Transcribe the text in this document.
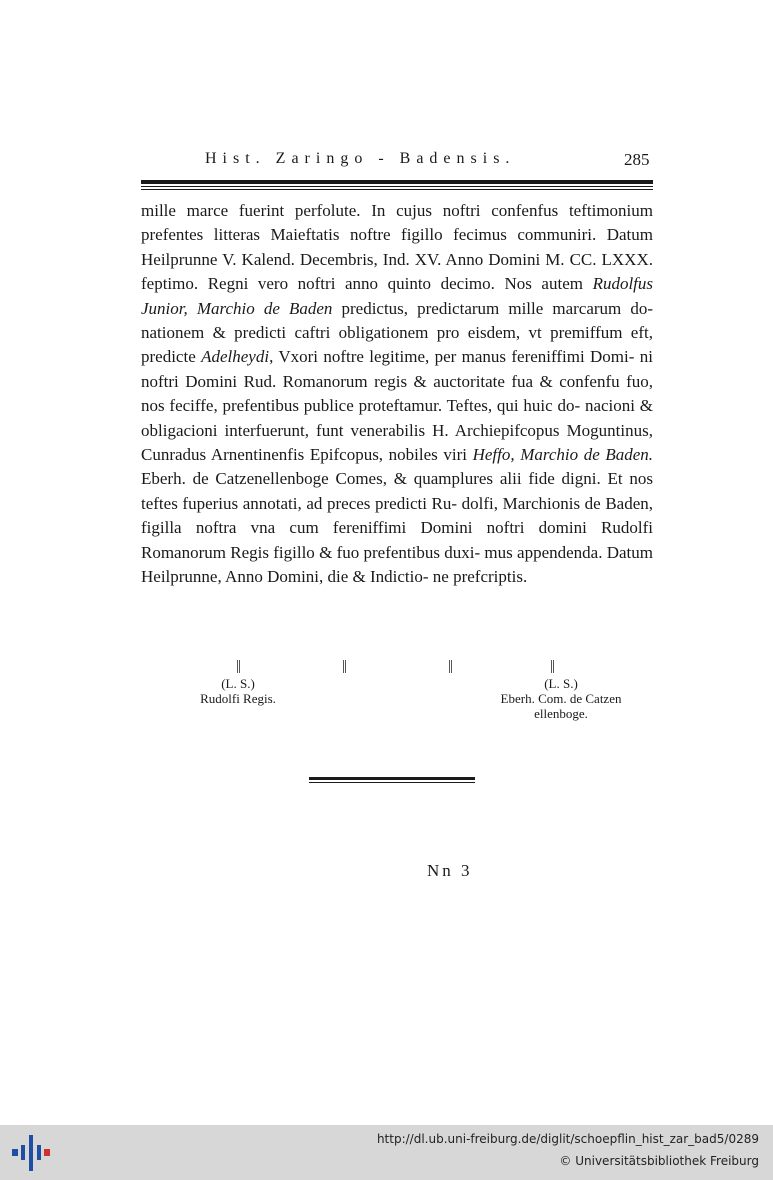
Hist. Zaringo - Badensis.	285

mille marce fuerint perfolute. In cujus noftri confenfus teftimonium prefentes litteras Maieftatis noftre figillo fecimus communiri. Datum Heilprunne V. Kalend. Decembris, Ind. XV. Anno Domini M. CC. LXXX. feptimo. Regni vero noftri anno quinto decimo. Nos autem Rudolfus Junior, Marchio de Baden predictus, predictarum mille marcarum do- nationem & predicti caftri obligationem pro eisdem, vt premiffum eft, predicte Adelheydi, Vxori noftre legitime, per manus fereniffimi Domi- ni noftri Domini Rud. Romanorum regis & auctoritate fua & confenfu fuo, nos feciffe, prefentibus publice proteftamur. Teftes, qui huic do- nacioni & obligacioni interfuerunt, funt venerabilis H. Archiepifcopus Moguntinus, Cunradus Arnentinenfis Epifcopus, nobiles viri Heffo, Marchio de Baden. Eberh. de Catzenellenboge Comes, & quamplures alii fide digni. Et nos teftes fuperius annotati, ad preces predicti Ru- dolfi, Marchionis de Baden, figilla noftra vna cum fereniffimi Domini noftri domini Rudolfi Romanorum Regis figillo & fuo prefentibus duxi- mus appendenda. Datum Heilprunne, Anno Domini, die & Indictio- ne prefcriptis.

||	||	||	||
(L. S.)
Rudolfi Regis.
(L. S.)
Eberh. Com. de Catzen
ellenboge.
Nn 3
http://dl.ub.uni-freiburg.de/diglit/schoepflin_hist_zar_bad5/0289
© Universitätsbibliothek Freiburg
